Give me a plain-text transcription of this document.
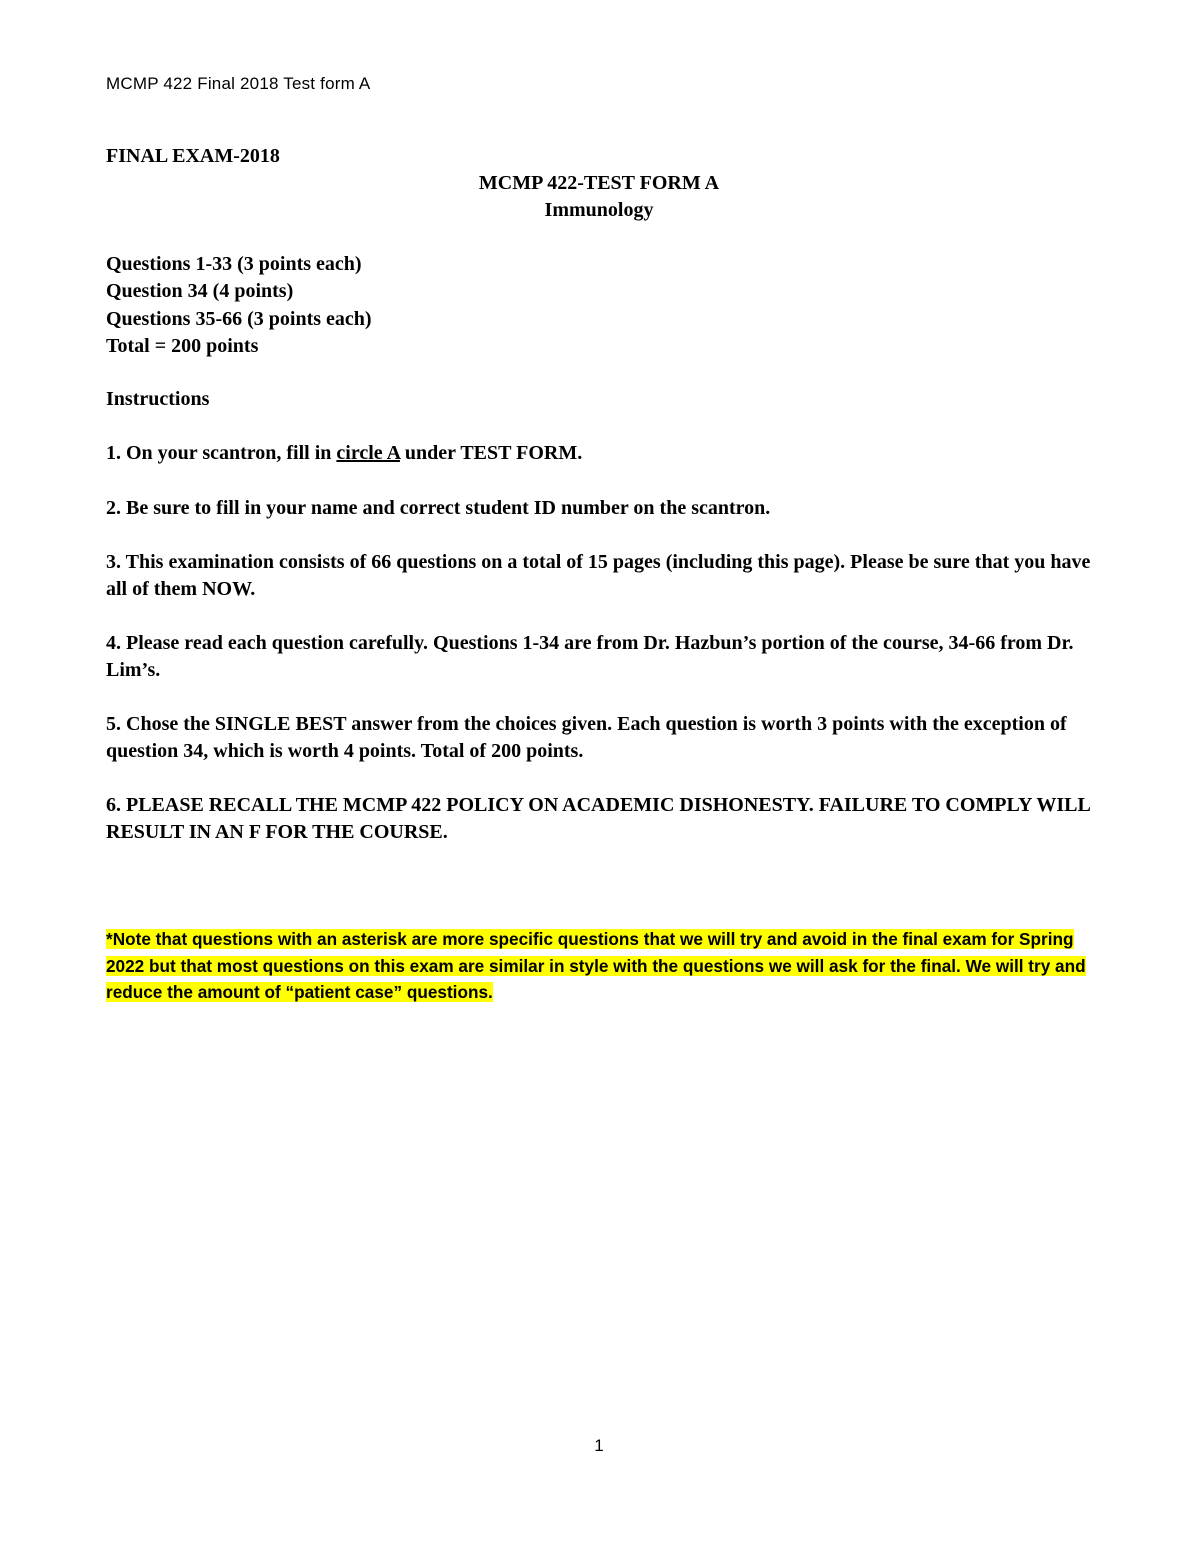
MCMP 422 Final 2018 Test form A
FINAL EXAM-2018
MCMP 422-TEST FORM A
Immunology
Questions 1-33 (3 points each)
Question 34 (4 points)
Questions 35-66 (3 points each)
Total = 200 points
Instructions
1. On your scantron, fill in circle A under TEST FORM.
2. Be sure to fill in your name and correct student ID number on the scantron.
3. This examination consists of 66 questions on a total of 15 pages (including this page). Please be sure that you have all of them NOW.
4. Please read each question carefully. Questions 1-34 are from Dr. Hazbun’s portion of the course, 34-66 from Dr. Lim’s.
5. Chose the SINGLE BEST answer from the choices given. Each question is worth 3 points with the exception of question 34, which is worth 4 points. Total of 200 points.
6. PLEASE RECALL THE MCMP 422 POLICY ON ACADEMIC DISHONESTY. FAILURE TO COMPLY WILL RESULT IN AN F FOR THE COURSE.
*Note that questions with an asterisk are more specific questions that we will try and avoid in the final exam for Spring 2022 but that most questions on this exam are similar in style with the questions we will ask for the final. We will try and reduce the amount of “patient case” questions.
1
